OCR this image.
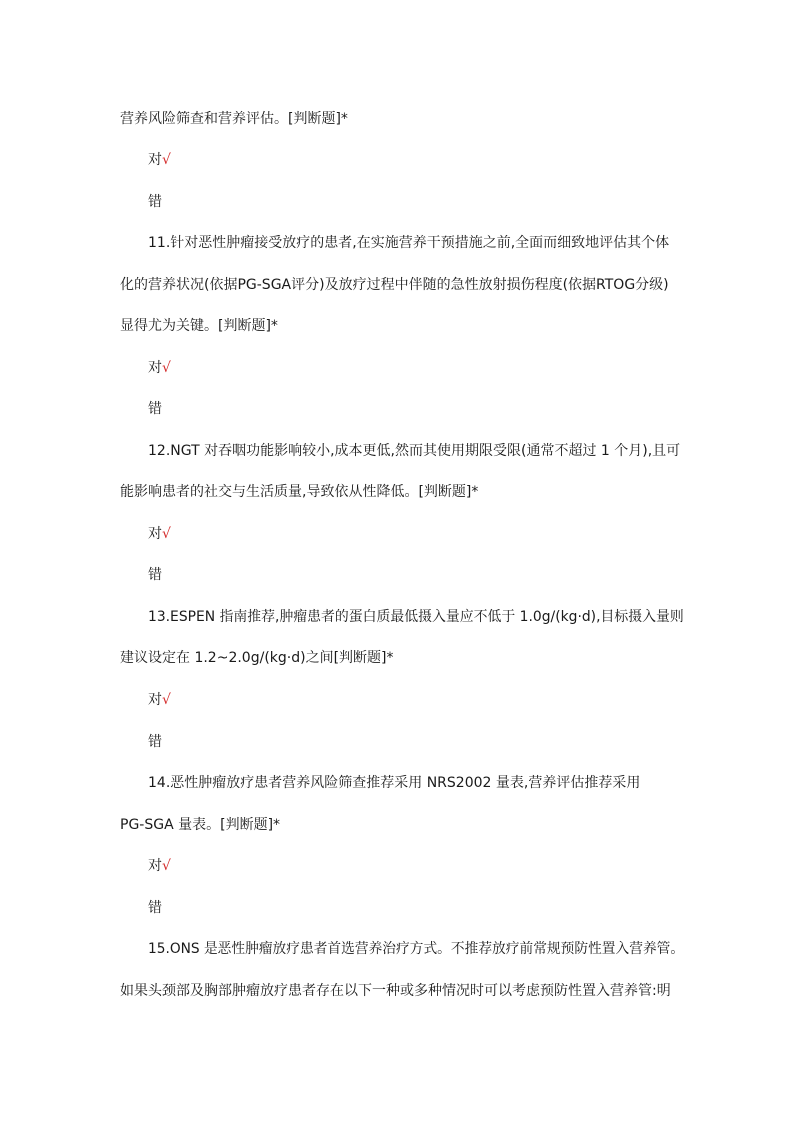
营养风险筛查和营养评估。[判断题]*
对√
错
11.针对恶性肿瘤接受放疗的患者,在实施营养干预措施之前,全面而细致地评估其个体
化的营养状况(依据PG-SGA评分)及放疗过程中伴随的急性放射损伤程度(依据RTOG分级)
显得尤为关键。[判断题]*
对√
错
12.NGT 对吞咽功能影响较小,成本更低,然而其使用期限受限(通常不超过 1 个月),且可
能影响患者的社交与生活质量,导致依从性降低。[判断题]*
对√
错
13.ESPEN 指南推荐,肿瘤患者的蛋白质最低摄入量应不低于 1.0g/(kg·d),目标摄入量则
建议设定在 1.2~2.0g/(kg·d)之间[判断题]*
对√
错
14.恶性肿瘤放疗患者营养风险筛查推荐采用 NRS2002 量表,营养评估推荐采用
PG-SGA 量表。[判断题]*
对√
错
15.ONS 是恶性肿瘤放疗患者首选营养治疗方式。不推荐放疗前常规预防性置入营养管。
如果头颈部及胸部肿瘤放疗患者存在以下一种或多种情况时可以考虑预防性置入营养管:明
